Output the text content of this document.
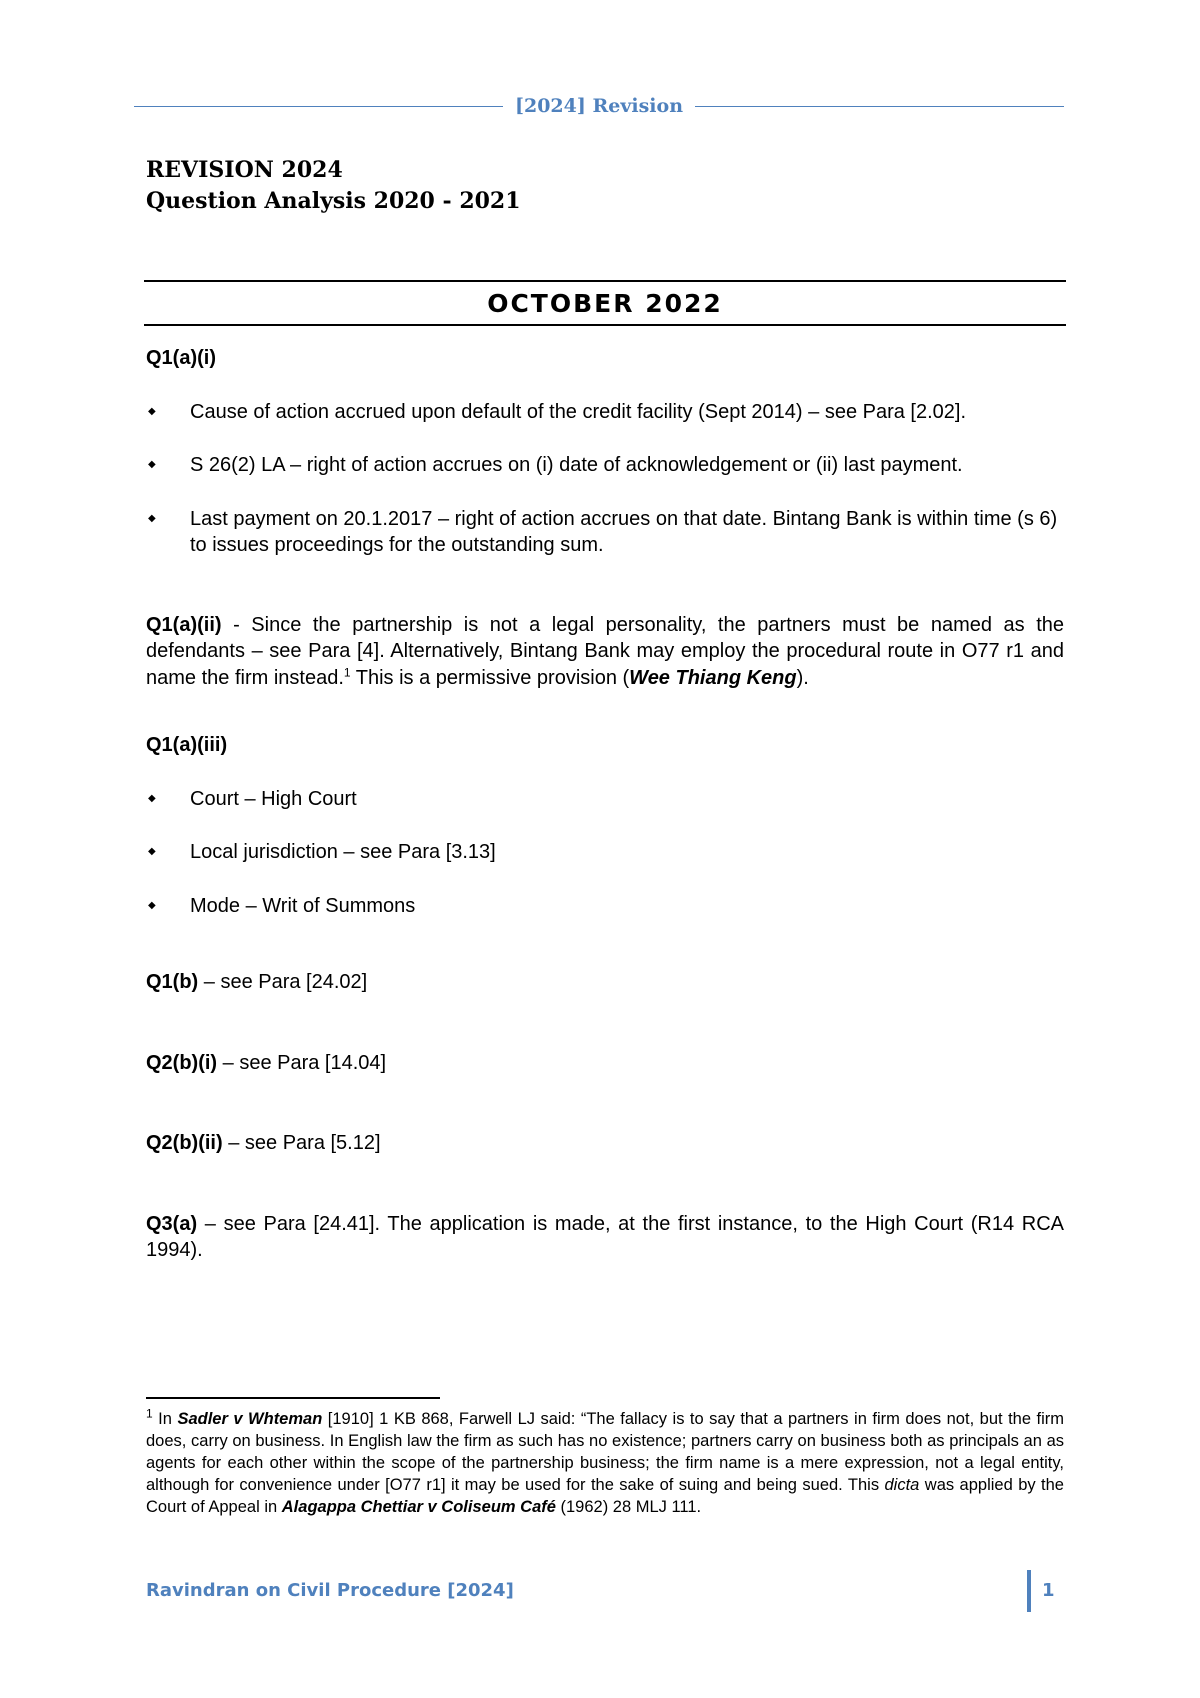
[2024] Revision
REVISION 2024
Question Analysis 2020 - 2021
OCTOBER 2022
Q1(a)(i)
◆ Cause of action accrued upon default of the credit facility (Sept 2014) – see Para [2.02].
◆ S 26(2) LA – right of action accrues on (i) date of acknowledgement or (ii) last payment.
◆ Last payment on 20.1.2017 – right of action accrues on that date. Bintang Bank is within time (s 6) to issues proceedings for the outstanding sum.

Q1(a)(ii) - Since the partnership is not a legal personality, the partners must be named as the defendants – see Para [4]. Alternatively, Bintang Bank may employ the procedural route in O77 r1 and name the firm instead.$^1$ This is a permissive provision (Wee Thiang Keng).

Q1(a)(iii)
◆ Court – High Court
◆ Local jurisdiction – see Para [3.13]
◆ Mode – Writ of Summons

Q1(b) – see Para [24.02]

Q2(b)(i) – see Para [14.04]

Q2(b)(ii) – see Para [5.12]

Q3(a) – see Para [24.41]. The application is made, at the first instance, to the High Court (R14 RCA 1994).

$^1$ In Sadler v Whteman [1910] 1 KB 868, Farwell LJ said: “The fallacy is to say that a partners in firm does not, but the firm does, carry on business. In English law the firm as such has no existence; partners carry on business both as principals an as agents for each other within the scope of the partnership business; the firm name is a mere expression, not a legal entity, although for convenience under [O77 r1] it may be used for the sake of suing and being sued. This dicta was applied by the Court of Appeal in Alagappa Chettiar v Coliseum Café (1962) 28 MLJ 111.
Ravindran on Civil Procedure [2024]	1
